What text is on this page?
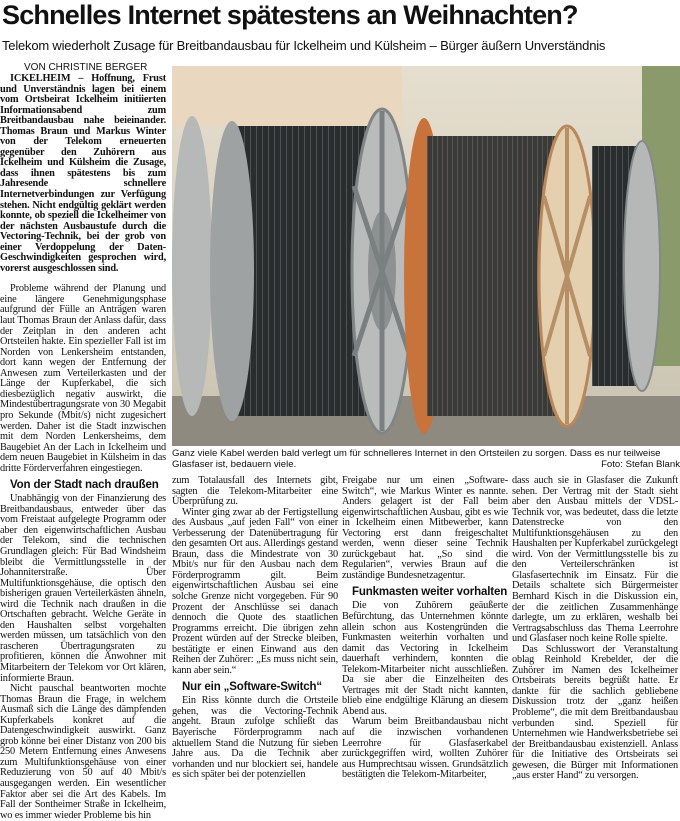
Schnelles Internet spätestens an Weihnachten?
Telekom wiederholt Zusage für Breitbandausbau für Ickelheim und Külsheim – Bürger äußern Unverständnis
VON CHRISTINE BERGER

ICKELHEIM – Hoffnung, Frust und Unverständnis lagen bei einem vom Ortsbeirat Ickelheim initiierten Informationsabend zum Breitbandausbau nahe beieinander. Thomas Braun und Markus Winter von der Telekom erneuerten gegenüber den Zuhörern aus Ickelheim und Külsheim die Zusage, dass ihnen spätestens bis zum Jahresende schnellere Internetverbindungen zur Verfügung stehen. Nicht endgültig geklärt werden konnte, ob speziell die Ickelheimer von der nächsten Ausbaustufe durch die Vectoring-Technik, bei der grob von einer Verdoppelung der Daten-Geschwindigkeiten gesprochen wird, vorerst ausgeschlossen sind.

Probleme während der Planung und eine längere Genehmigungsphase aufgrund der Fülle an Anträgen waren laut Thomas Braun der Anlass dafür, dass der Zeitplan in den anderen acht Ortsteilen hakte. Ein spezieller Fall ist im Norden von Lenkersheim entstanden, dort kann wegen der Entfernung der Anwesen zum Verteilerkasten und der Länge der Kupferkabel, die sich diesbezüglich negativ auswirkt, die Mindestübertragungsrate von 30 Megabit pro Sekunde (Mbit/s) nicht zugesichert werden. Daher ist die Stadt inzwischen mit dem Norden Lenkersheims, dem Baugebiet An der Lach in Ickelheim und dem neuen Baugebiet in Külsheim in das dritte Förderverfahren eingestiegen.

Von der Stadt nach draußen

Unabhängig von der Finanzierung des Breitbandausbaus, entweder über das vom Freistaat aufgelegte Programm oder aber den eigenwirtschaftlichen Ausbau der Telekom, sind die technischen Grundlagen gleich: Für Bad Windsheim bleibt die Vermittlungsstelle in der Johanniterstraße. Über Multifunktionsgehäuse, die optisch den bisherigen grauen Verteilerkästen ähneln, wird die Technik nach draußen in die Ortschaften gebracht. Welche Geräte in den Haushalten selbst vorgehalten werden müssen, um tatsächlich von den rascheren Übertragungsraten zu profitieren, können die Anwohner mit Mitarbeitern der Telekom vor Ort klären, informierte Braun.

Nicht pauschal beantworten mochte Thomas Braun die Frage, in welchem Ausmaß sich die Länge des dämpfenden Kupferkabels konkret auf die Datengeschwindigkeit auswirkt. Ganz grob könne bei einer Distanz von 200 bis 250 Metern Entfernung eines Anwesens zum Multifunktionsgehäuse von einer Reduzierung von 50 auf 40 Mbit/s ausgegangen werden. Ein wesentlicher Faktor aber sei die Art des Kabels. Im Fall der Sontheimer Straße in Ickelheim, wo es immer wieder Probleme bis hin

Ganz viele Kabel werden bald verlegt um für schnelleres Internet in den Ortsteilen zu sorgen. Dass es nur teilweise Glasfaser ist, bedauern viele.	Foto: Stefan Blank

zum Totalausfall des Internets gibt, sagten die Telekom-Mitarbeiter eine Überprüfung zu.

Winter ging zwar ab der Fertigstellung des Ausbaus „auf jeden Fall“ von einer Verbesserung der Datenübertragung für den gesamten Ort aus. Allerdings gestand Braun, dass die Mindestrate von 30 Mbit/s nur für den Ausbau nach dem Förderprogramm gilt. Beim eigenwirtschaftlichen Ausbau sei eine solche Grenze nicht vorgegeben. Für 90 Prozent der Anschlüsse sei danach dennoch die Quote des staatlichen Programms erreicht. Die übrigen zehn Prozent würden auf der Strecke bleiben, bestätigte er einen Einwand aus den Reihen der Zuhörer: „Es muss nicht sein, kann aber sein.“

Nur ein „Software-Switch“

Ein Riss könnte durch die Ortsteile gehen, was die Vectoring-Technik angeht. Braun zufolge schließt das Bayerische Förderprogramm nach aktuellem Stand die Nutzung für sieben Jahre aus. Da die Technik aber vorhanden und nur blockiert sei, handele es sich später bei der potenziellen

Freigabe nur um einen „Software-Switch“, wie Markus Winter es nannte. Anders gelagert ist der Fall beim eigenwirtschaftlichen Ausbau, gibt es wie in Ickelheim einen Mitbewerber, kann Vectoring erst dann freigeschaltet werden, wenn dieser seine Technik zurückgebaut hat. „So sind die Regularien“, verwies Braun auf die zuständige Bundesnetzagentur.

Funkmasten weiter vorhalten

Die von Zuhörern geäußerte Befürchtung, das Unternehmen könnte allein schon aus Kostengründen die Funkmasten weiterhin vorhalten und damit das Vectoring in Ickelheim dauerhaft verhindern, konnten die Telekom-Mitarbeiter nicht ausschließen. Da sie aber die Einzelheiten des Vertrages mit der Stadt nicht kannten, blieb eine endgültige Klärung an diesem Abend aus.

Warum beim Breitbandausbau nicht auf die inzwischen vorhandenen Leerrohre für Glasfaserkabel zurückgegriffen wird, wollten Zuhörer aus Humprechtsau wissen. Grundsätzlich bestätigten die Telekom-Mitarbeiter,

dass auch sie in Glasfaser die Zukunft sehen. Der Vertrag mit der Stadt sieht aber den Ausbau mittels der VDSL-Technik vor, was bedeutet, dass die letzte Datenstrecke von den Multifunktionsgehäusen zu den Haushalten per Kupferkabel zurückgelegt wird. Von der Vermittlungsstelle bis zu den Verteilerschränken ist Glasfasertechnik im Einsatz. Für die Details schaltete sich Bürgermeister Bernhard Kisch in die Diskussion ein, der die zeitlichen Zusammenhänge darlegte, um zu erklären, weshalb bei Vertragsabschluss das Thema Leerrohre und Glasfaser noch keine Rolle spielte.

Das Schlusswort der Veranstaltung oblag Reinhold Krebelder, der die Zuhörer im Namen des Ickelheimer Ortsbeirats bereits begrüßt hatte. Er dankte für die sachlich gebliebene Diskussion trotz der „ganz heißen Probleme“, die mit dem Breitbandausbau verbunden sind. Speziell für Unternehmen wie Handwerksbetriebe sei der Breitbandausbau existenziell. Anlass für die Initiative des Ortsbeirats sei gewesen, die Bürger mit Informationen „aus erster Hand“ zu versorgen.
